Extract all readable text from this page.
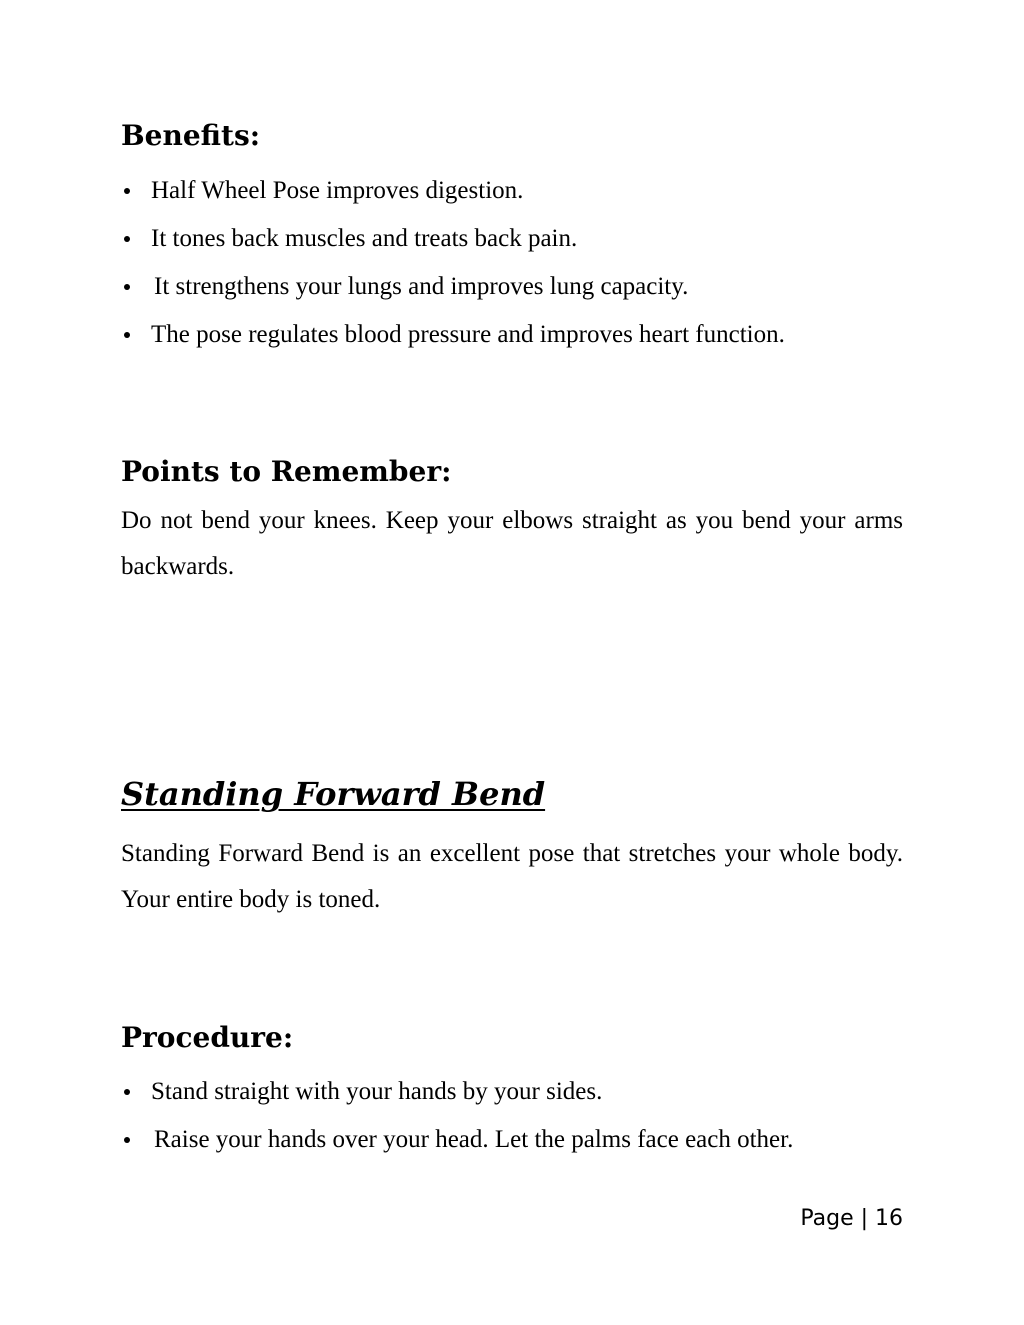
Benefits:
Half Wheel Pose improves digestion.
It tones back muscles and treats back pain.
It strengthens your lungs and improves lung capacity.
The pose regulates blood pressure and improves heart function.
Points to Remember:

Do not bend your knees. Keep your elbows straight as you bend your arms backwards.

Standing Forward Bend

Standing Forward Bend is an excellent pose that stretches your whole body. Your entire body is toned.

Procedure:
Stand straight with your hands by your sides.
Raise your hands over your head. Let the palms face each other.
Page | 16
